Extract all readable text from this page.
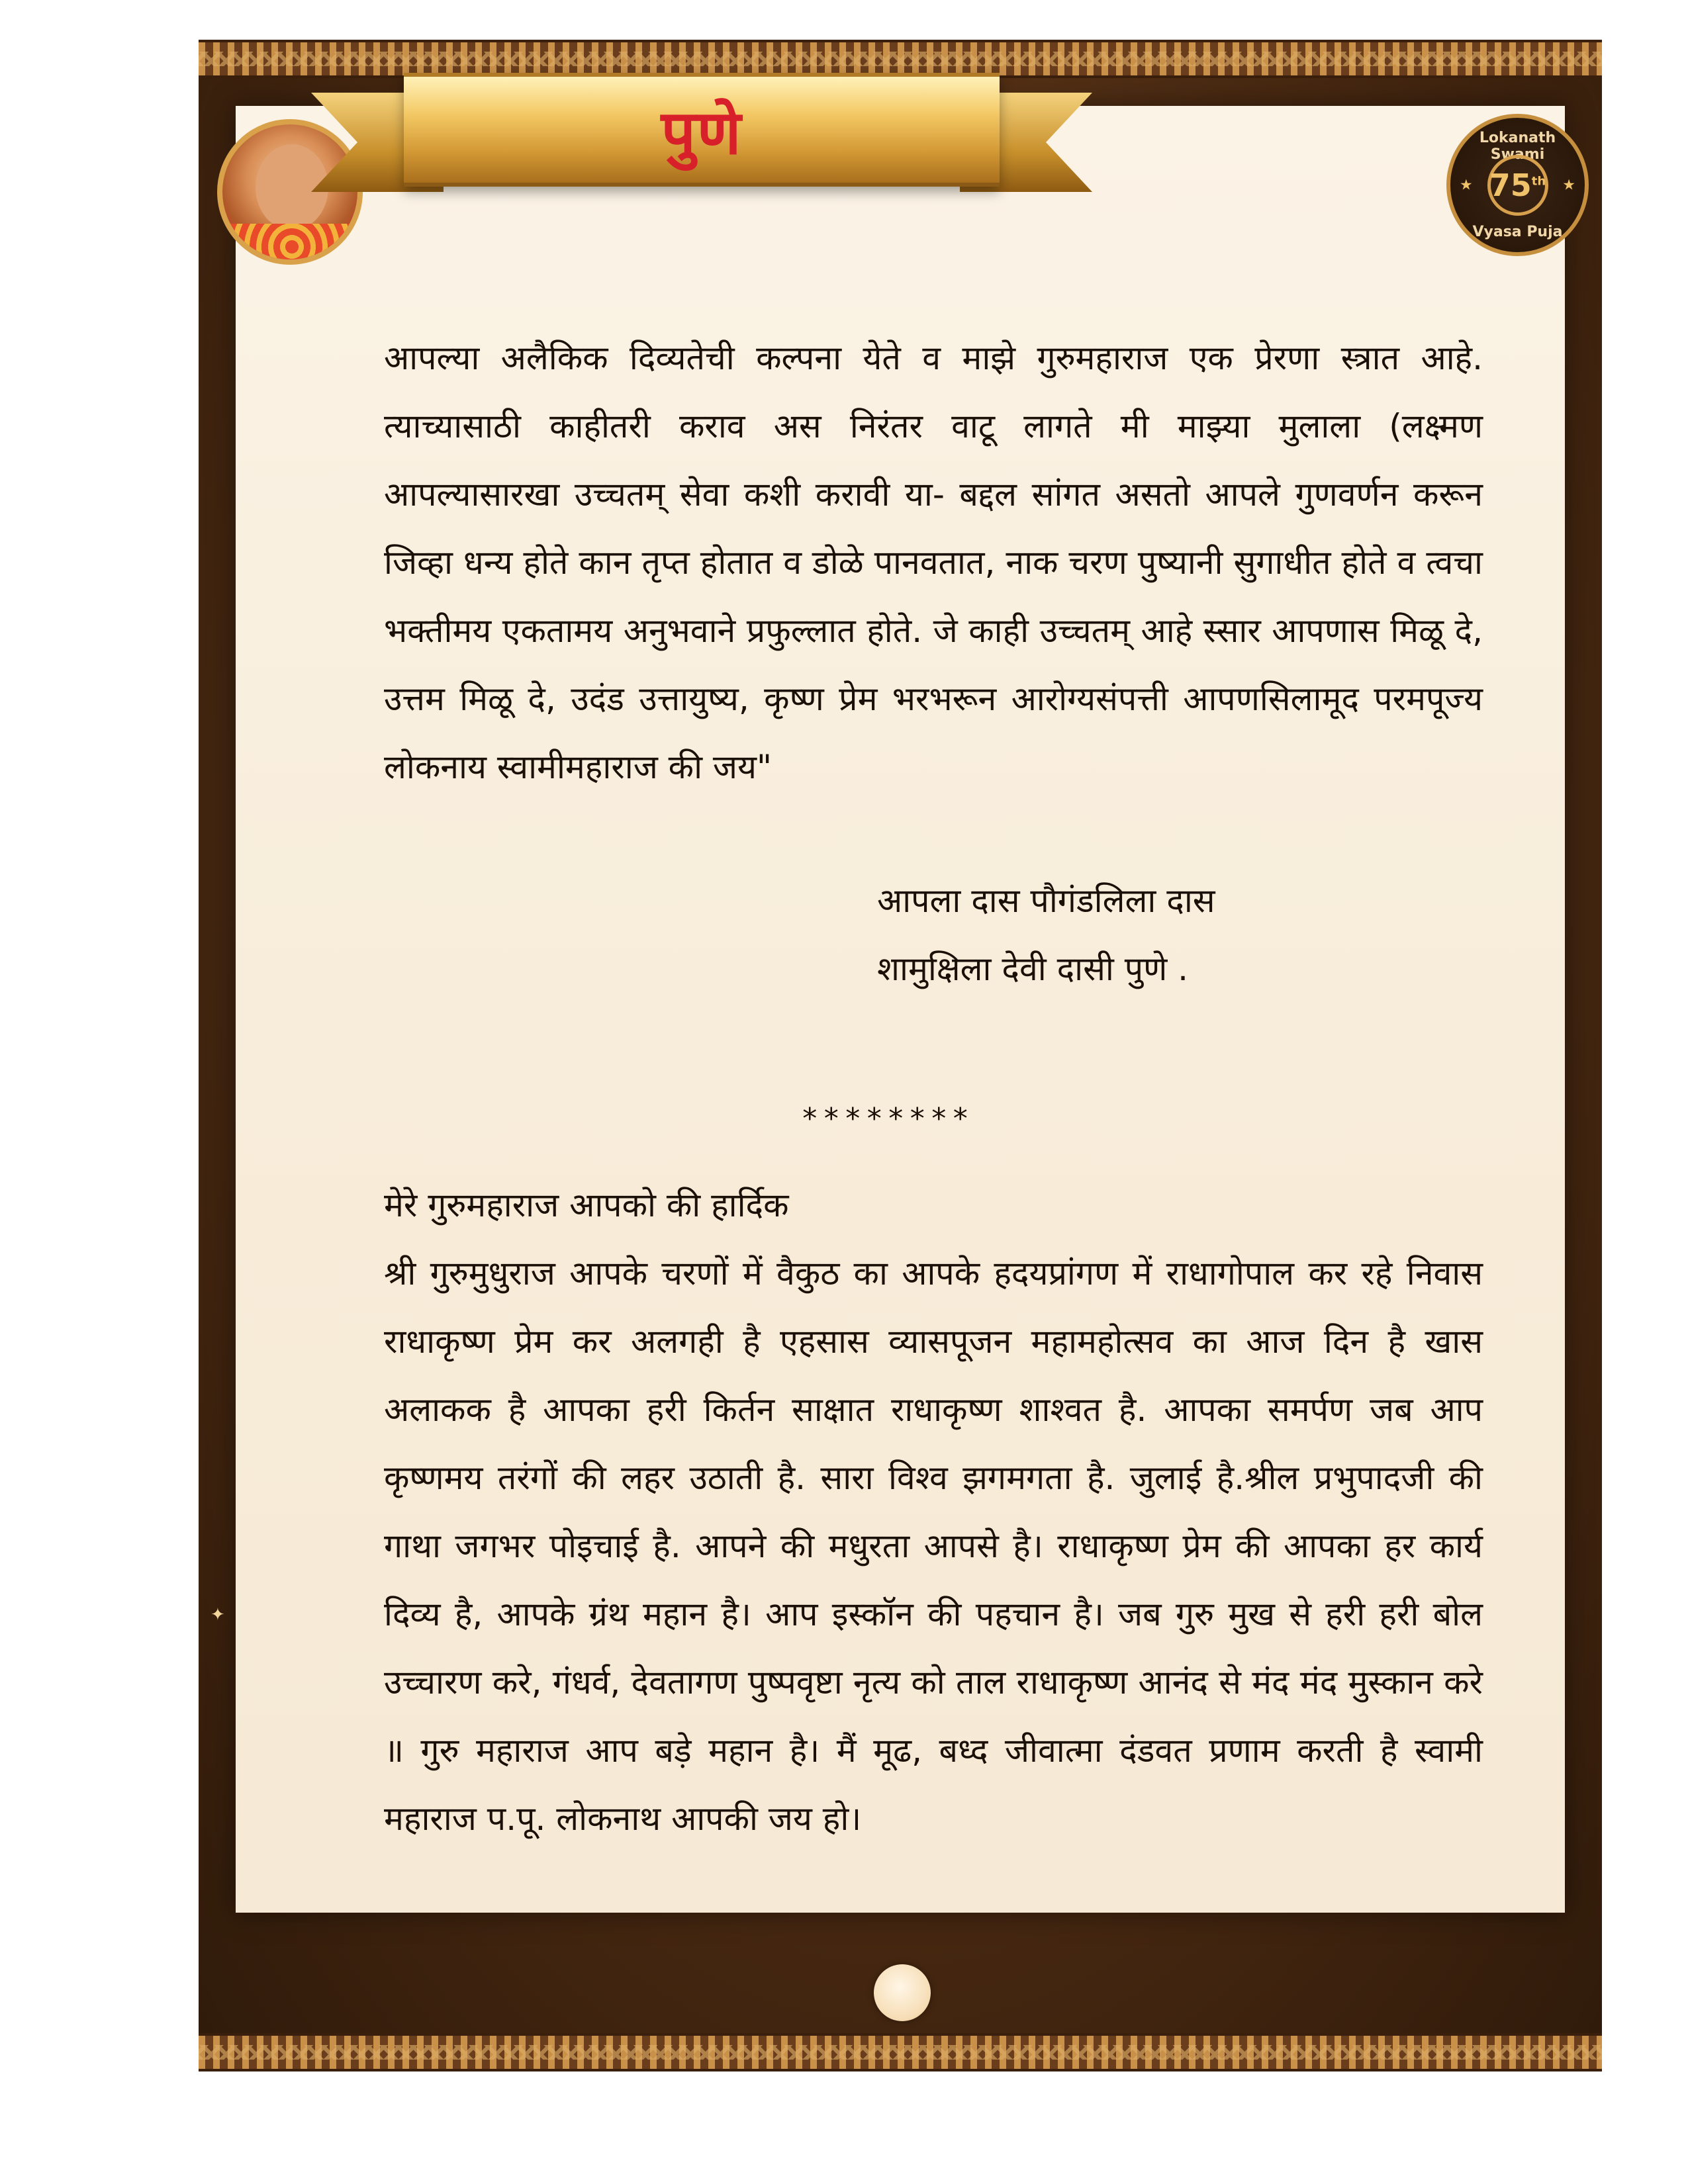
पुणे	Lokanath Swami
★ 75th ★
Vyasa Puja
आपल्या अलैकिक दिव्यतेची कल्पना येते व माझे गुरुमहाराज एक प्रेरणा स्त्रात आहे. त्याच्यासाठी काहीतरी कराव अस निरंतर वाटू लागते मी माझ्या मुलाला (लक्ष्मण आपल्यासारखा उच्चतम् सेवा कशी करावी या- बद्दल सांगत असतो आपले गुणवर्णन करून जिव्हा धन्य होते कान तृप्त होतात व डोळे पानवतात, नाक चरण पुष्यानी सुगाधीत होते व त्वचा भक्तीमय एकतामय अनुभवाने प्रफुल्लात होते. जे काही उच्चतम् आहे स्सार आपणास मिळू दे, उत्तम मिळू दे, उदंड उत्तायुष्य, कृष्ण प्रेम भरभरून आरोग्यसंपत्ती आपणसिलामूद परमपूज्य लोकनाय स्वामीमहाराज की जय"
आपला दास पौगंडलिला दास
शामुक्षिला देवी दासी पुणे .
********
मेरे गुरुमहाराज आपको की हार्दिक
श्री गुरुमुधुराज आपके चरणों में वैकुठ का आपके हदयप्रांगण में राधागोपाल कर रहे निवास राधाकृष्ण प्रेम कर अलगही है एहसास व्यासपूजन महामहोत्सव का आज दिन है खास अलाकक है आपका हरी किर्तन साक्षात राधाकृष्ण शाश्वत है. आपका समर्पण जब आप कृष्णमय तरंगों की लहर उठाती है. सारा विश्व झगमगता है. जुलाई है.श्रील प्रभुपादजी की गाथा जगभर पोइचाई है. आपने की मधुरता आपसे है। राधाकृष्ण प्रेम की आपका हर कार्य दिव्य है, आपके ग्रंथ महान है। आप इस्कॉन की पहचान है। जब गुरु मुख से हरी हरी बोल उच्चारण करे, गंधर्व, देवतागण पुष्पवृष्टा नृत्य को ताल राधाकृष्ण आनंद से मंद मंद मुस्कान करे ॥ गुरु महाराज आप बड़े महान है। मैं मूढ, बध्द जीवात्मा दंडवत प्रणाम करती है स्वामी महाराज प.पू. लोकनाथ आपकी जय हो।
✦
